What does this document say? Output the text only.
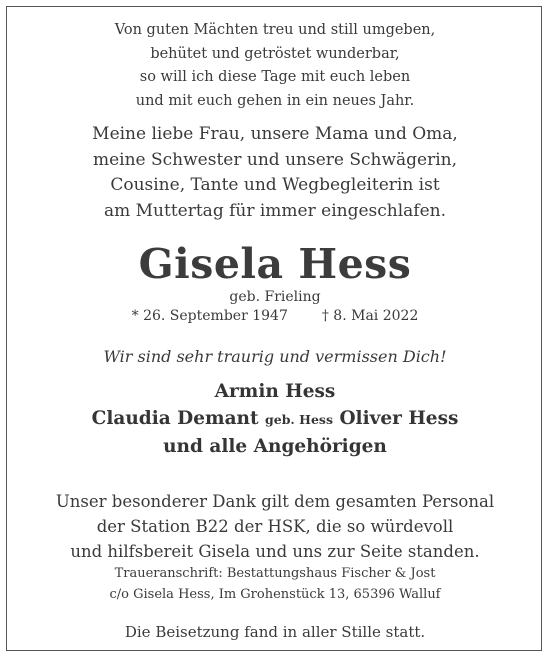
Von guten Mächten treu und still umgeben,
behütet und getröstet wunderbar,
so will ich diese Tage mit euch leben
und mit euch gehen in ein neues Jahr.
Meine liebe Frau, unsere Mama und Oma,
meine Schwester und unsere Schwägerin,
Cousine, Tante und Wegbegleiterin ist
am Muttertag für immer eingeschlafen.
Gisela Hess
geb. Frieling
* 26. September 1947 † 8. Mai 2022
Wir sind sehr traurig und vermissen Dich!
Armin Hess
Claudia Demant geb. Hess Oliver Hess
und alle Angehörigen
Unser besonderer Dank gilt dem gesamten Personal
der Station B22 der HSK, die so würdevoll
und hilfsbereit Gisela und uns zur Seite standen.
Traueranschrift: Bestattungshaus Fischer & Jost
c/o Gisela Hess, Im Grohenstück 13, 65396 Walluf
Die Beisetzung fand in aller Stille statt.
